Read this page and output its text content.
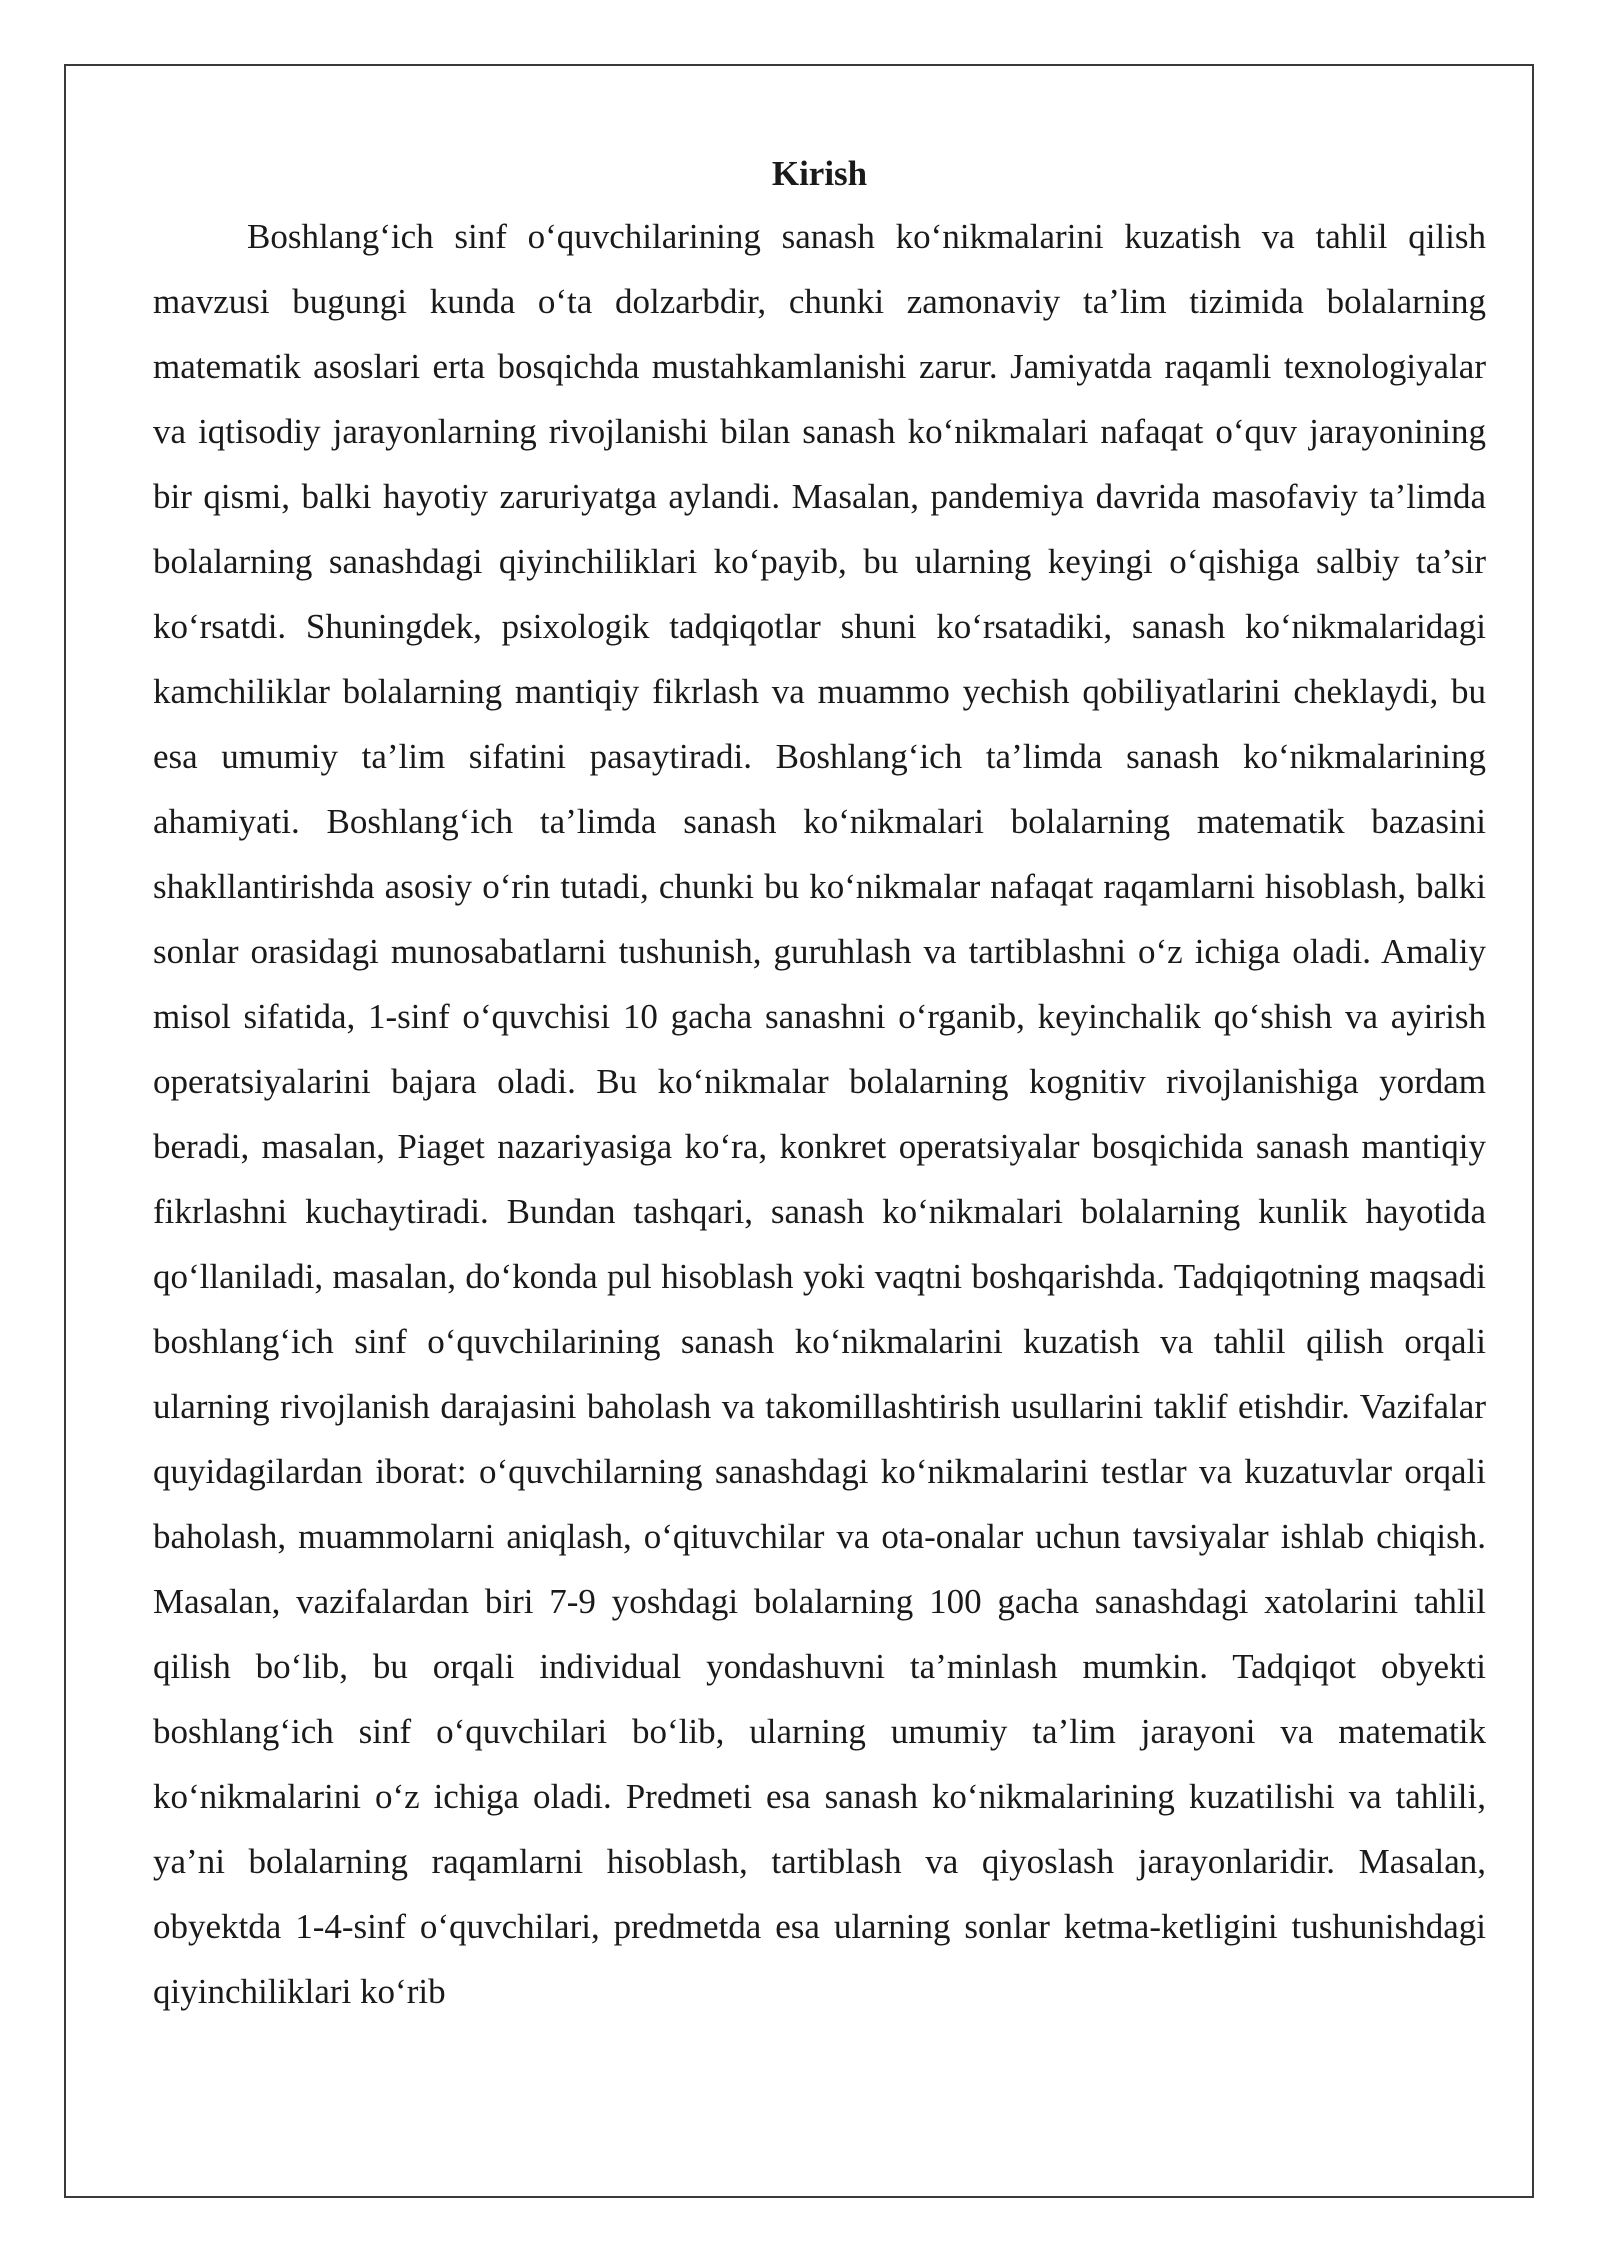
Kirish

Boshlang‘ich sinf o‘quvchilarining sanash ko‘nikmalarini kuzatish va tahlil qilish mavzusi bugungi kunda o‘ta dolzarbdir, chunki zamonaviy ta’lim tizimida bolalarning matematik asoslari erta bosqichda mustahkamlanishi zarur. Jamiyatda raqamli texnologiyalar va iqtisodiy jarayonlarning rivojlanishi bilan sanash ko‘nikmalari nafaqat o‘quv jarayonining bir qismi, balki hayotiy zaruriyatga aylandi. Masalan, pandemiya davrida masofaviy ta’limda bolalarning sanashdagi qiyinchiliklari ko‘payib, bu ularning keyingi o‘qishiga salbiy ta’sir ko‘rsatdi. Shuningdek, psixologik tadqiqotlar shuni ko‘rsatadiki, sanash ko‘nikmalaridagi kamchiliklar bolalarning mantiqiy fikrlash va muammo yechish qobiliyatlarini cheklaydi, bu esa umumiy ta’lim sifatini pasaytiradi. Boshlang‘ich ta’limda sanash ko‘nikmalarining ahamiyati. Boshlang‘ich ta’limda sanash ko‘nikmalari bolalarning matematik bazasini shakllantirishda asosiy o‘rin tutadi, chunki bu ko‘nikmalar nafaqat raqamlarni hisoblash, balki sonlar orasidagi munosabatlarni tushunish, guruhlash va tartiblashni o‘z ichiga oladi. Amaliy misol sifatida, 1-sinf o‘quvchisi 10 gacha sanashni o‘rganib, keyinchalik qo‘shish va ayirish operatsiyalarini bajara oladi. Bu ko‘nikmalar bolalarning kognitiv rivojlanishiga yordam beradi, masalan, Piaget nazariyasiga ko‘ra, konkret operatsiyalar bosqichida sanash mantiqiy fikrlashni kuchaytiradi. Bundan tashqari, sanash ko‘nikmalari bolalarning kunlik hayotida qo‘llaniladi, masalan, do‘konda pul hisoblash yoki vaqtni boshqarishda. Tadqiqotning maqsadi boshlang‘ich sinf o‘quvchilarining sanash ko‘nikmalarini kuzatish va tahlil qilish orqali ularning rivojlanish darajasini baholash va takomillashtirish usullarini taklif etishdir. Vazifalar quyidagilardan iborat: o‘quvchilarning sanashdagi ko‘nikmalarini testlar va kuzatuvlar orqali baholash, muammolarni aniqlash, o‘qituvchilar va ota-onalar uchun tavsiyalar ishlab chiqish. Masalan, vazifalardan biri 7-9 yoshdagi bolalarning 100 gacha sanashdagi xatolarini tahlil qilish bo‘lib, bu orqali individual yondashuvni ta’minlash mumkin. Tadqiqot obyekti boshlang‘ich sinf o‘quvchilari bo‘lib, ularning umumiy ta’lim jarayoni va matematik ko‘nikmalarini o‘z ichiga oladi. Predmeti esa sanash ko‘nikmalarining kuzatilishi va tahlili, ya’ni bolalarning raqamlarni hisoblash, tartiblash va qiyoslash jarayonlaridir. Masalan, obyektda 1-4-sinf o‘quvchilari, predmetda esa ularning sonlar ketma-ketligini tushunishdagi qiyinchiliklari ko‘rib
